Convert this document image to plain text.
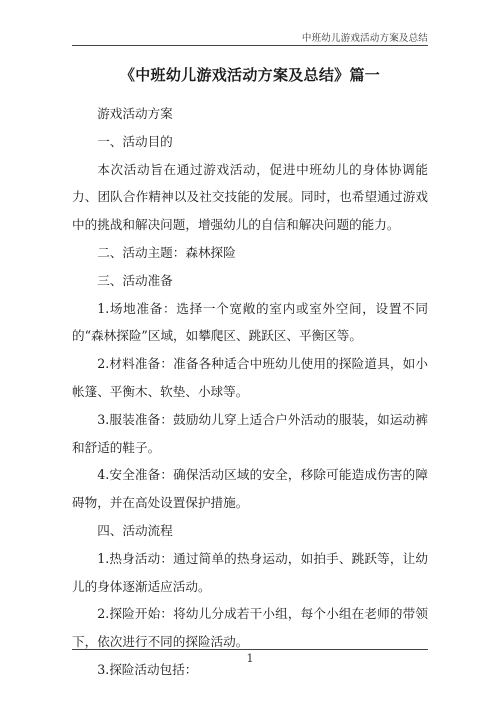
中班幼儿游戏活动方案及总结
《中班幼儿游戏活动方案及总结》篇一

游戏活动方案

一、活动目的

本次活动旨在通过游戏活动，促进中班幼儿的身体协调能力、团队合作精神以及社交技能的发展。同时，也希望通过游戏中的挑战和解决问题，增强幼儿的自信和解决问题的能力。

二、活动主题：森林探险

三、活动准备

1.场地准备：选择一个宽敞的室内或室外空间，设置不同的“森林探险”区域，如攀爬区、跳跃区、平衡区等。

2.材料准备：准备各种适合中班幼儿使用的探险道具，如小帐篷、平衡木、软垫、小球等。

3.服装准备：鼓励幼儿穿上适合户外活动的服装，如运动裤和舒适的鞋子。

4.安全准备：确保活动区域的安全，移除可能造成伤害的障碍物，并在高处设置保护措施。

四、活动流程

1.热身活动：通过简单的热身运动，如拍手、跳跃等，让幼儿的身体逐渐适应活动。

2.探险开始：将幼儿分成若干小组，每个小组在老师的带领下，依次进行不同的探险活动。

3.探险活动包括：

1
